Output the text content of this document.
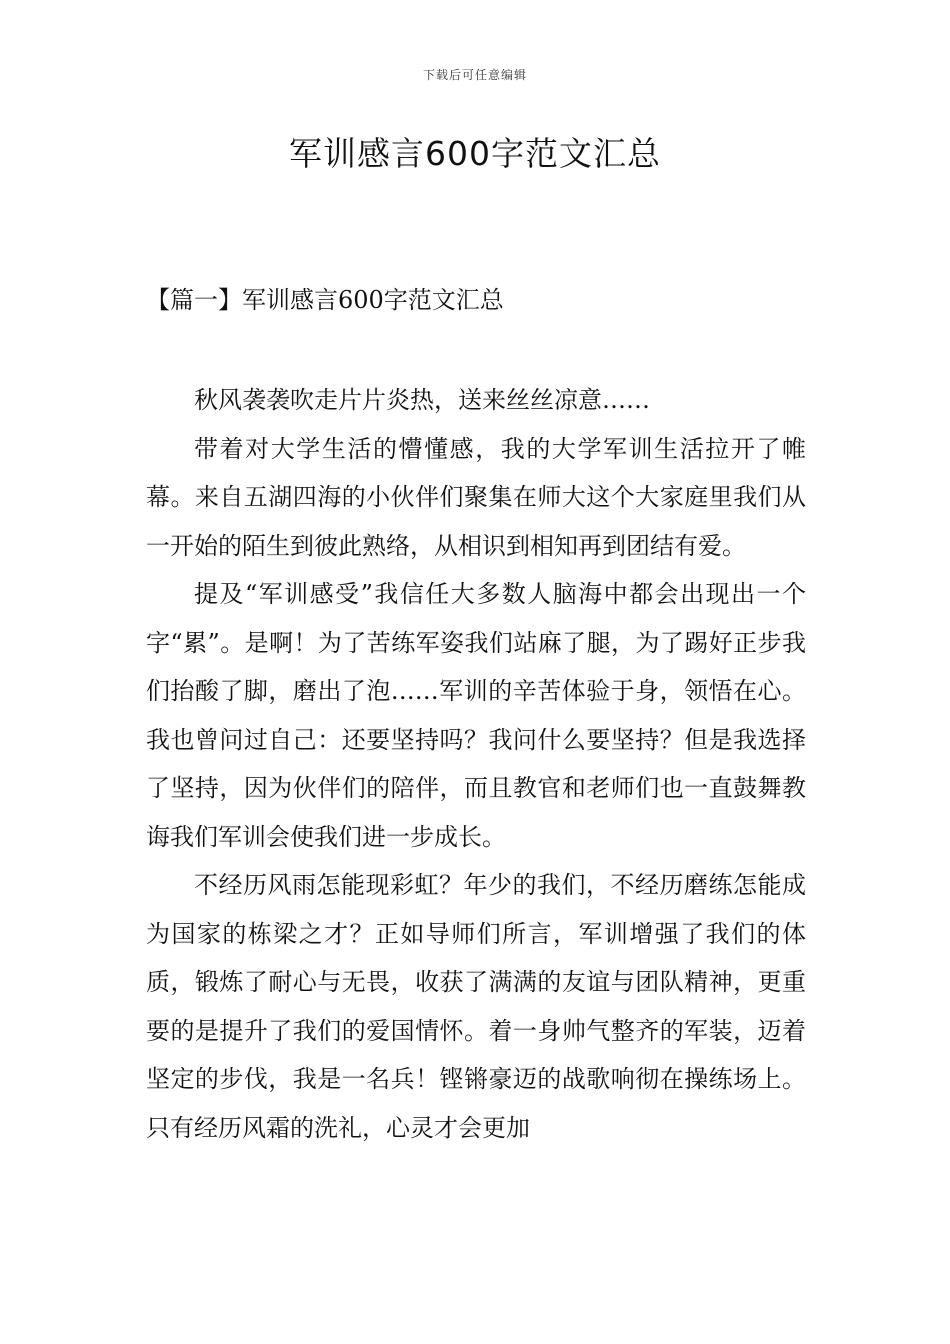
下载后可任意编辑
军训感言600字范文汇总
【篇一】军训感言600字范文汇总

秋风袭袭吹走片片炎热，送来丝丝凉意……

带着对大学生活的懵懂感，我的大学军训生活拉开了帷幕。来自五湖四海的小伙伴们聚集在师大这个大家庭里我们从一开始的陌生到彼此熟络，从相识到相知再到团结有爱。

提及“军训感受”我信任大多数人脑海中都会出现出一个字“累”。是啊！为了苦练军姿我们站麻了腿，为了踢好正步我们抬酸了脚，磨出了泡……军训的辛苦体验于身，领悟在心。我也曾问过自己：还要坚持吗？我问什么要坚持？但是我选择了坚持，因为伙伴们的陪伴，而且教官和老师们也一直鼓舞教诲我们军训会使我们进一步成长。

不经历风雨怎能现彩虹？年少的我们，不经历磨练怎能成为国家的栋梁之才？正如导师们所言，军训增强了我们的体质，锻炼了耐心与无畏，收获了满满的友谊与团队精神，更重要的是提升了我们的爱国情怀。着一身帅气整齐的军装，迈着坚定的步伐，我是一名兵！铿锵豪迈的战歌响彻在操练场上。只有经历风霜的洗礼，心灵才会更加
